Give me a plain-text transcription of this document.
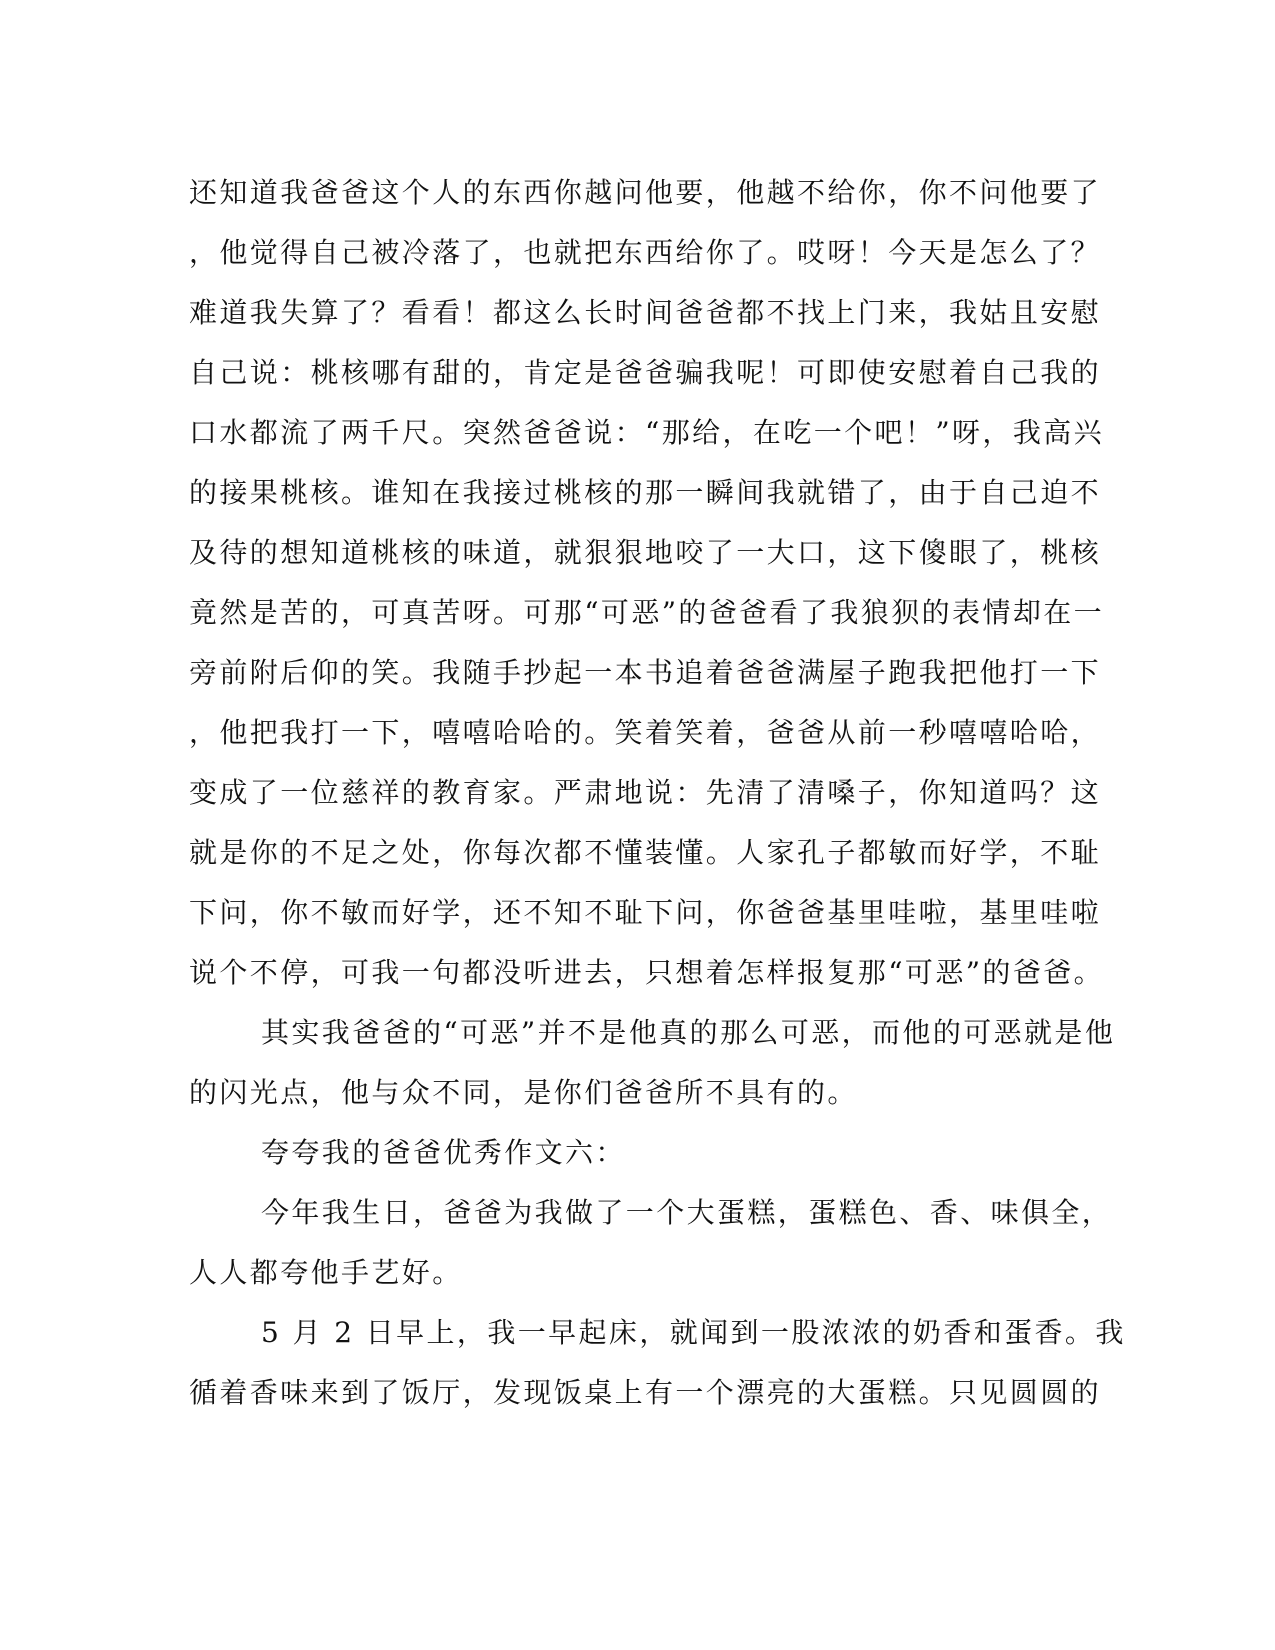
还知道我爸爸这个人的东西你越问他要，他越不给你，你不问他要了
，他觉得自己被冷落了，也就把东西给你了。哎呀！今天是怎么了？
难道我失算了？看看！都这么长时间爸爸都不找上门来，我姑且安慰
自己说：桃核哪有甜的，肯定是爸爸骗我呢！可即使安慰着自己我的
口水都流了两千尺。突然爸爸说：“那给，在吃一个吧！”呀，我高兴
的接果桃核。谁知在我接过桃核的那一瞬间我就错了，由于自己迫不
及待的想知道桃核的味道，就狠狠地咬了一大口，这下傻眼了，桃核
竟然是苦的，可真苦呀。可那“可恶”的爸爸看了我狼狈的表情却在一
旁前附后仰的笑。我随手抄起一本书追着爸爸满屋子跑我把他打一下
，他把我打一下，嘻嘻哈哈的。笑着笑着，爸爸从前一秒嘻嘻哈哈，
变成了一位慈祥的教育家。严肃地说：先清了清嗓子，你知道吗？这
就是你的不足之处，你每次都不懂装懂。人家孔子都敏而好学，不耻
下问，你不敏而好学，还不知不耻下问，你爸爸基里哇啦，基里哇啦
说个不停，可我一句都没听进去，只想着怎样报复那“可恶”的爸爸。
其实我爸爸的“可恶”并不是他真的那么可恶，而他的可恶就是他
的闪光点，他与众不同，是你们爸爸所不具有的。
夸夸我的爸爸优秀作文六：
今年我生日，爸爸为我做了一个大蛋糕，蛋糕色、香、味俱全，
人人都夸他手艺好。
5 月 2 日早上，我一早起床，就闻到一股浓浓的奶香和蛋香。我
循着香味来到了饭厅，发现饭桌上有一个漂亮的大蛋糕。只见圆圆的
